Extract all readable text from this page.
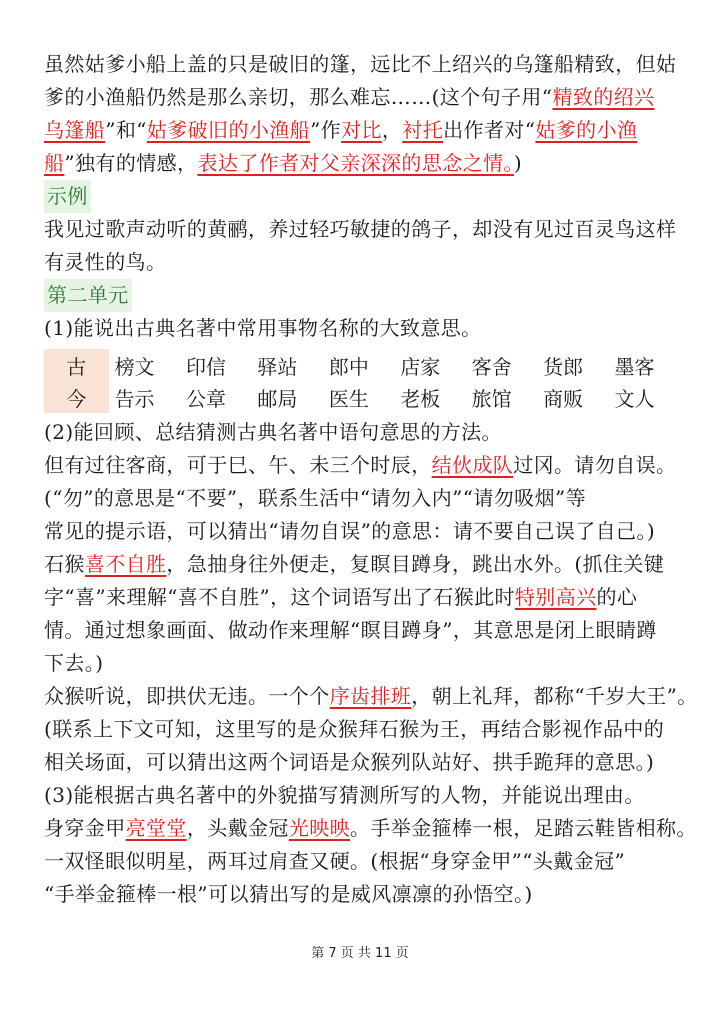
虽然姑爹小船上盖的只是破旧的篷，远比不上绍兴的乌篷船精致，但姑
爹的小渔船仍然是那么亲切，那么难忘……(这个句子用“精致的绍兴
乌篷船”和“姑爹破旧的小渔船”作对比，衬托出作者对“姑爹的小渔
船”独有的情感，表达了作者对父亲深深的思念之情。)
示例
我见过歌声动听的黄鹂，养过轻巧敏捷的鸽子，却没有见过百灵鸟这样
有灵性的鸟。
第二单元
(1)能说出古典名著中常用事物名称的大致意思。
古	榜文	印信	驿站	郎中	店家	客舍	货郎	墨客
今	告示	公章	邮局	医生	老板	旅馆	商贩	文人
(2)能回顾、总结猜测古典名著中语句意思的方法。
但有过往客商，可于巳、午、未三个时辰，结伙成队过冈。请勿自误。
(“勿”的意思是“不要”，联系生活中“请勿入内”“请勿吸烟”等
常见的提示语，可以猜出“请勿自误”的意思：请不要自己误了自己。)
石猴喜不自胜，急抽身往外便走，复瞑目蹲身，跳出水外。(抓住关键
字“喜”来理解“喜不自胜”，这个词语写出了石猴此时特别高兴的心
情。通过想象画面、做动作来理解“瞑目蹲身”，其意思是闭上眼睛蹲
下去。)
众猴听说，即拱伏无违。一个个序齿排班，朝上礼拜，都称“千岁大王”。
(联系上下文可知，这里写的是众猴拜石猴为王，再结合影视作品中的
相关场面，可以猜出这两个词语是众猴列队站好、拱手跪拜的意思。)
(3)能根据古典名著中的外貌描写猜测所写的人物，并能说出理由。
身穿金甲亮堂堂，头戴金冠光映映。手举金箍棒一根，足踏云鞋皆相称。
一双怪眼似明星，两耳过肩查又硬。(根据“身穿金甲”“头戴金冠”
“手举金箍棒一根”可以猜出写的是威风凛凛的孙悟空。)
第 7 页 共 11 页
